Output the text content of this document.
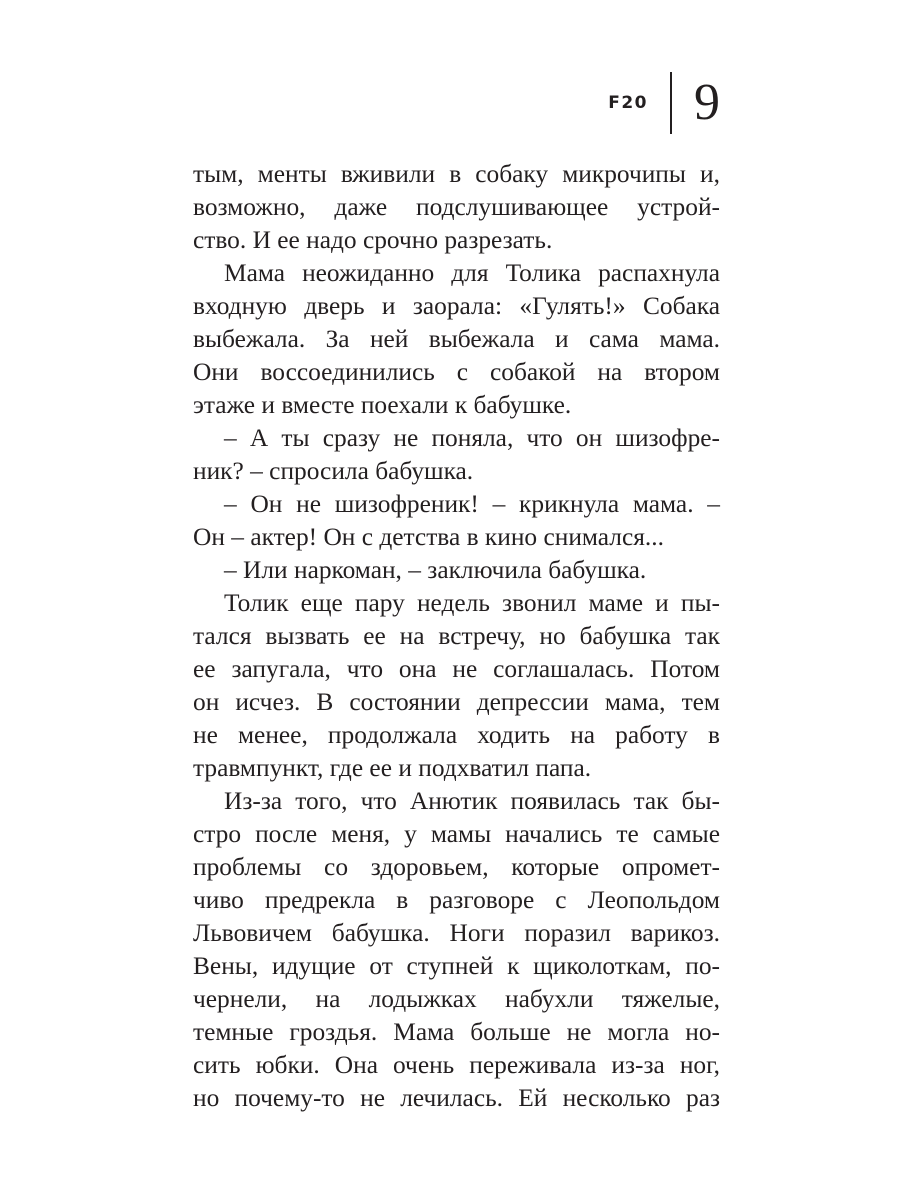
F20 9
тым, менты вживили в собаку микрочипы и,
возможно, даже подслушивающее устрой-
ство. И ее надо срочно разрезать.
Мама неожиданно для Толика распахнула
входную дверь и заорала: «Гулять!» Собака
выбежала. За ней выбежала и сама мама.
Они воссоединились с собакой на втором
этаже и вместе поехали к бабушке.
– А ты сразу не поняла, что он шизофре-
ник? – спросила бабушка.
– Он не шизофреник! – крикнула мама. –
Он – актер! Он с детства в кино снимался...
– Или наркоман, – заключила бабушка.
Толик еще пару недель звонил маме и пы-
тался вызвать ее на встречу, но бабушка так
ее запугала, что она не соглашалась. Потом
он исчез. В состоянии депрессии мама, тем
не менее, продолжала ходить на работу в
травмпункт, где ее и подхватил папа.
Из-за того, что Анютик появилась так бы-
стро после меня, у мамы начались те самые
проблемы со здоровьем, которые опромет-
чиво предрекла в разговоре с Леопольдом
Львовичем бабушка. Ноги поразил варикоз.
Вены, идущие от ступней к щиколоткам, по-
чернели, на лодыжках набухли тяжелые,
темные гроздья. Мама больше не могла но-
сить юбки. Она очень переживала из-за ног,
но почему-то не лечилась. Ей несколько раз
